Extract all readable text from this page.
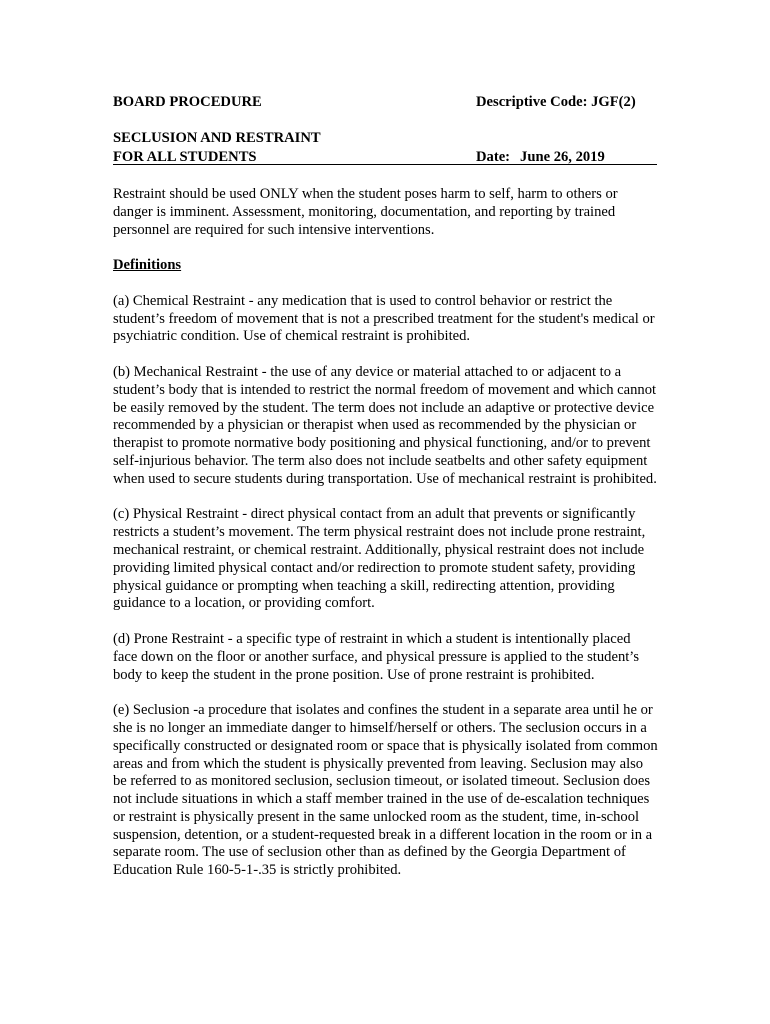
BOARD PROCEDURE	Descriptive Code: JGF(2)
SECLUSION AND RESTRAINT
FOR ALL STUDENTS	Date: June 26, 2019

Restraint should be used ONLY when the student poses harm to self, harm to others or danger is imminent. Assessment, monitoring, documentation, and reporting by trained personnel are required for such intensive interventions.

Definitions

(a) Chemical Restraint - any medication that is used to control behavior or restrict the student’s freedom of movement that is not a prescribed treatment for the student's medical or psychiatric condition. Use of chemical restraint is prohibited.

(b) Mechanical Restraint - the use of any device or material attached to or adjacent to a student’s body that is intended to restrict the normal freedom of movement and which cannot be easily removed by the student. The term does not include an adaptive or protective device recommended by a physician or therapist when used as recommended by the physician or therapist to promote normative body positioning and physical functioning, and/or to prevent self-injurious behavior. The term also does not include seatbelts and other safety equipment when used to secure students during transportation. Use of mechanical restraint is prohibited.

(c) Physical Restraint - direct physical contact from an adult that prevents or significantly restricts a student’s movement. The term physical restraint does not include prone restraint, mechanical restraint, or chemical restraint. Additionally, physical restraint does not include providing limited physical contact and/or redirection to promote student safety, providing physical guidance or prompting when teaching a skill, redirecting attention, providing guidance to a location, or providing comfort.

(d) Prone Restraint - a specific type of restraint in which a student is intentionally placed face down on the floor or another surface, and physical pressure is applied to the student’s body to keep the student in the prone position. Use of prone restraint is prohibited.

(e) Seclusion -a procedure that isolates and confines the student in a separate area until he or she is no longer an immediate danger to himself/herself or others. The seclusion occurs in a specifically constructed or designated room or space that is physically isolated from common areas and from which the student is physically prevented from leaving. Seclusion may also be referred to as monitored seclusion, seclusion timeout, or isolated timeout. Seclusion does not include situations in which a staff member trained in the use of de-escalation techniques or restraint is physically present in the same unlocked room as the student, time, in-school suspension, detention, or a student-requested break in a different location in the room or in a separate room. The use of seclusion other than as defined by the Georgia Department of Education Rule 160-5-1-.35 is strictly prohibited.
